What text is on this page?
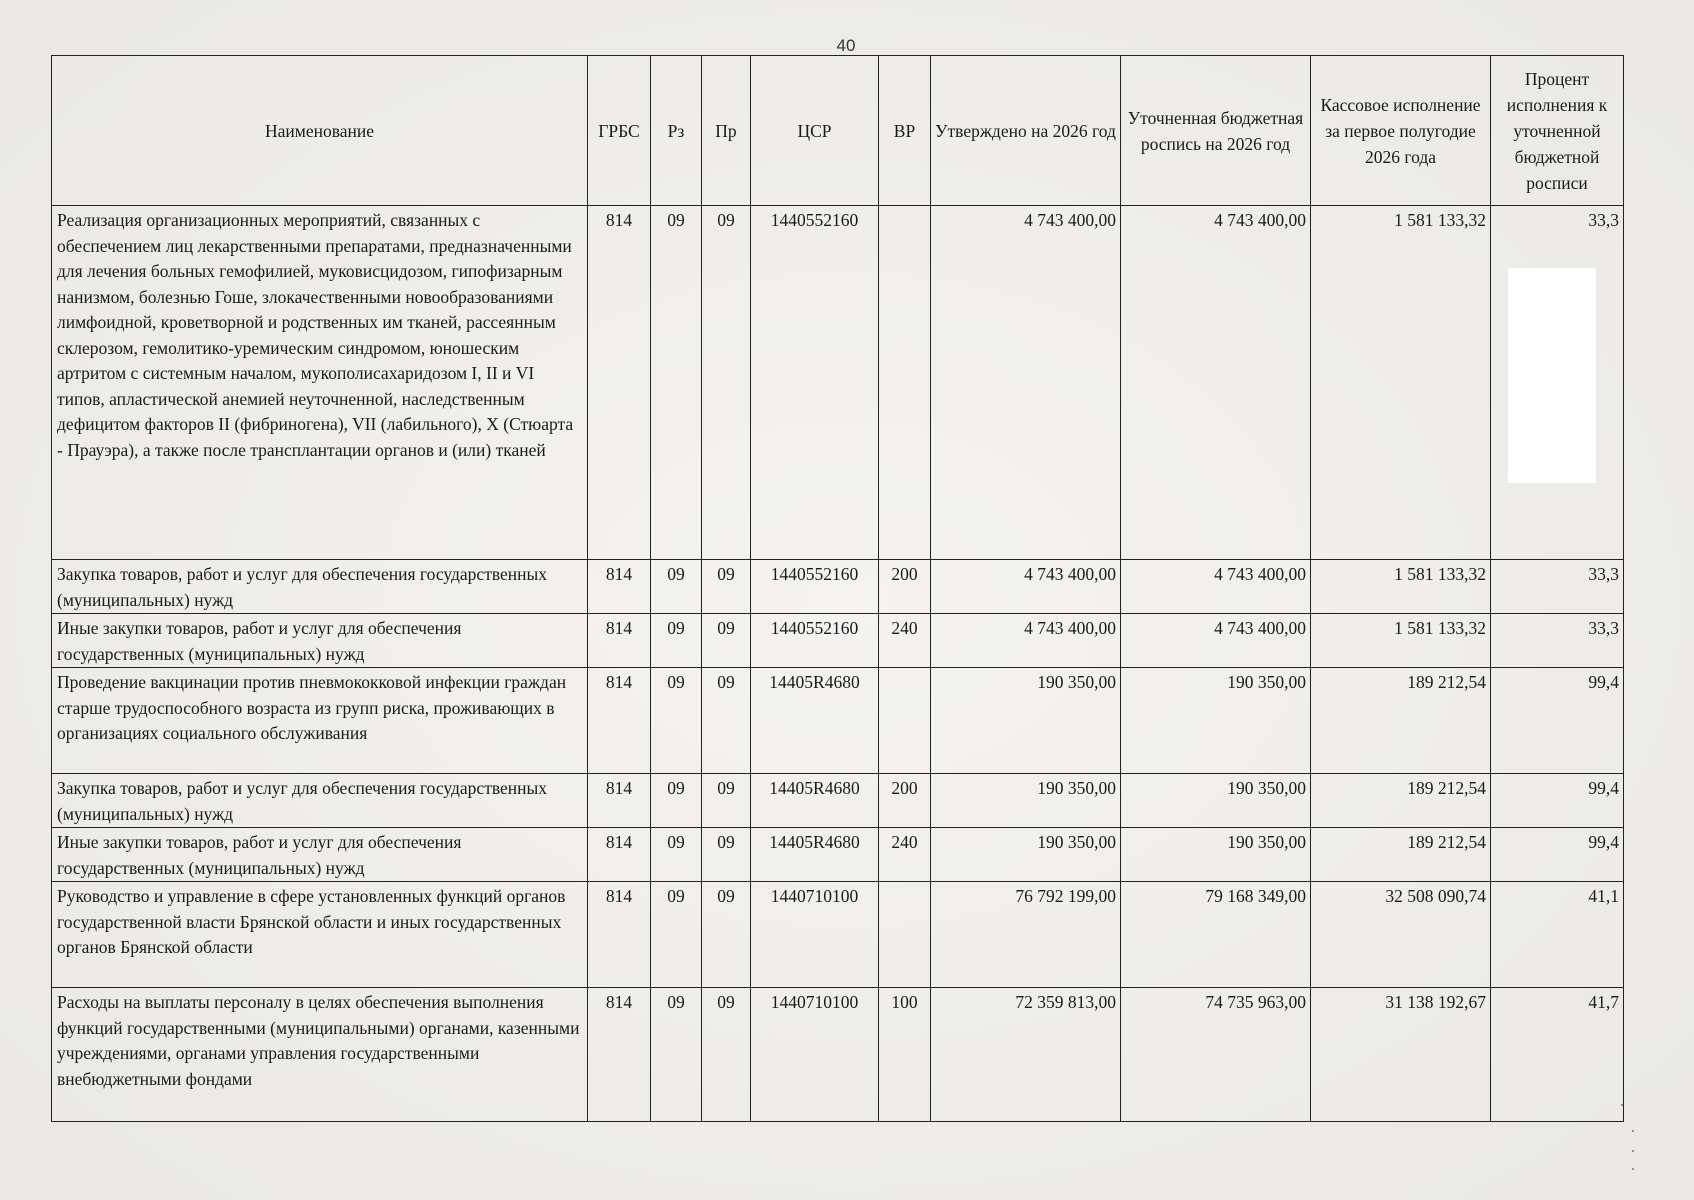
40
Наименование	ГРБС	Рз	Пр	ЦСР	ВР	Утверждено на 2026 год	Уточненная бюджетная роспись на 2026 год	Кассовое исполнение за первое полугодие 2026 года	Процент исполнения к уточненной бюджетной росписи
Реализация организационных мероприятий, связанных с обеспечением лиц лекарственными препаратами, предназначенными для лечения больных гемофилией, муковисцидозом, гипофизарным нанизмом, болезнью Гоше, злокачественными новообразованиями лимфоидной, кроветворной и родственных им тканей, рассеянным склерозом, гемолитико-уремическим синдромом, юношеским артритом с системным началом, мукополисахаридозом I, II и VI типов, апластической анемией неуточненной, наследственным дефицитом факторов II (фибриногена), VII (лабильного), X (Стюарта - Прауэра), а также после трансплантации органов и (или) тканей	814	09	09	1440552160		4 743 400,00	4 743 400,00	1 581 133,32	33,3
Закупка товаров, работ и услуг для обеспечения государственных (муниципальных) нужд	814	09	09	1440552160	200	4 743 400,00	4 743 400,00	1 581 133,32	33,3
Иные закупки товаров, работ и услуг для обеспечения государственных (муниципальных) нужд	814	09	09	1440552160	240	4 743 400,00	4 743 400,00	1 581 133,32	33,3
Проведение вакцинации против пневмококковой инфекции граждан старше трудоспособного возраста из групп риска, проживающих в организациях социального обслуживания	814	09	09	14405R4680		190 350,00	190 350,00	189 212,54	99,4
Закупка товаров, работ и услуг для обеспечения государственных (муниципальных) нужд	814	09	09	14405R4680	200	190 350,00	190 350,00	189 212,54	99,4
Иные закупки товаров, работ и услуг для обеспечения государственных (муниципальных) нужд	814	09	09	14405R4680	240	190 350,00	190 350,00	189 212,54	99,4
Руководство и управление в сфере установленных функций органов государственной власти Брянской области и иных государственных органов Брянской области	814	09	09	1440710100		76 792 199,00	79 168 349,00	32 508 090,74	41,1
Расходы на выплаты персоналу в целях обеспечения выполнения функций государственными (муниципальными) органами, казенными учреждениями, органами управления государственными внебюджетными фондами	814	09	09	1440710100	100	72 359 813,00	74 735 963,00	31 138 192,67	41,7
